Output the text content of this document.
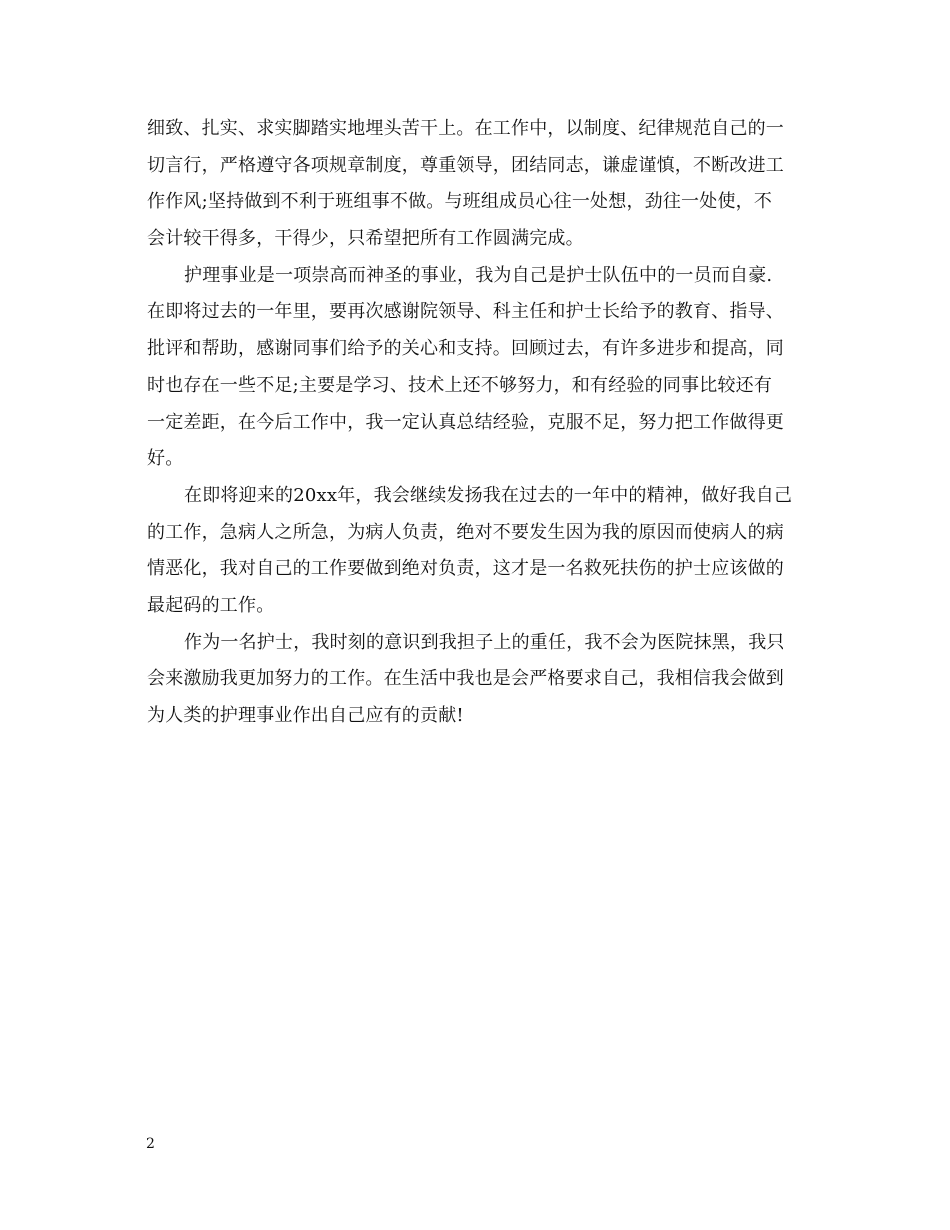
细致、扎实、求实脚踏实地埋头苦干上。在工作中，以制度、纪律规范自己的一
切言行，严格遵守各项规章制度，尊重领导，团结同志，谦虚谨慎，不断改进工
作作风;坚持做到不利于班组事不做。与班组成员心往一处想，劲往一处使，不
会计较干得多，干得少，只希望把所有工作圆满完成。
护理事业是一项崇高而神圣的事业，我为自己是护士队伍中的一员而自豪.
在即将过去的一年里，要再次感谢院领导、科主任和护士长给予的教育、指导、
批评和帮助，感谢同事们给予的关心和支持。回顾过去，有许多进步和提高，同
时也存在一些不足;主要是学习、技术上还不够努力，和有经验的同事比较还有
一定差距，在今后工作中，我一定认真总结经验，克服不足，努力把工作做得更
好。
在即将迎来的20xx年，我会继续发扬我在过去的一年中的精神，做好我自己
的工作，急病人之所急，为病人负责，绝对不要发生因为我的原因而使病人的病
情恶化，我对自己的工作要做到绝对负责，这才是一名救死扶伤的护士应该做的
最起码的工作。
作为一名护士，我时刻的意识到我担子上的重任，我不会为医院抹黑，我只
会来激励我更加努力的工作。在生活中我也是会严格要求自己，我相信我会做到
为人类的护理事业作出自己应有的贡献!
2
